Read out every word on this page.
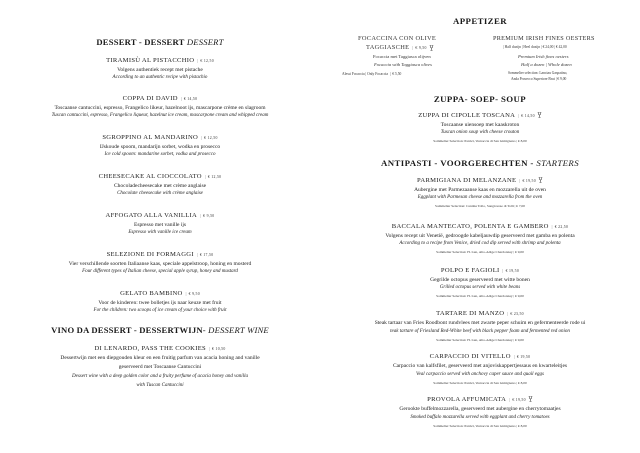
DESSERT - DESSERT DESSERT
TIRAMISÙ AL PISTACCHIO | € 12,50
Volgens authentiek recept met pistache
According to an authentic recipe with pistachio
COPPA DI DAVID | € 14,50
Toscaanse cantuccini, espresso, Frangelico likeur, hazelnoot ijs, mascarpone crème en slagroom
Tuscan cantuccini, espresso, Frangelico liqueur, hazelnut ice cream, mascarpone cream and whipped cream
SGROPPINO AL MANDARINO | € 12,50
IJskoude spoom, mandarijn sorbet, wodka en prosecco
Ice cold spoom: mandarine sorbet, vodka and prosecco
CHEESECAKE AL CIOCCOLATO | € 12,50
Chocoladecheesecake met crème anglaise
Chocolate cheesecake with crème anglaise
AFFOGATO ALLA VANILLIA | € 9,50
Espresso met vanille ijs
Espresso with vanille ice cream
SELEZIONE DI FORMAGGI | € 17,50
Vier verschillende soorten Italiaanse kaas, speciale appelstroop, honing en mosterd
Four different types of Italian cheese, special apple syrup, honey and mustard
GELATO BAMBINO | € 9,50
Voor de kinderen: twee bolletjes ijs naar keuze met fruit
For the children: two scoops of ice cream of your choice with fruit
VINO DA DESSERT - DESSERTWIJN- DESSERT WINE
DI LENARDO, PASS THE COOKIES | € 10,50
Dessertwijn met een diepgouden kleur en een fruitig parfum van acacia honing and vanille
geserveerd met Toscaanse Cantuccini
Dessert wine with a deep golden color and a fruity perfume of acacia honey and vanilla
with Tuscan Cantuccini
APPETIZER
FOCACCINA CON OLIVE
TAGGIASCHE | € 9,50
Focaccia met Taggiasca olijven
Focaccia with Taggiasca olives
Alessi Focaccia | Only Focaccia  |  € 5,50
PREMIUM IRISH FINES OESTERS
| Half dozijn | Heel dozijn | € 24,00 | € 42,00
Premium Irish fines oesters
Half a dozen | Whole dozen
Sommelier selection: Lanciau Gaspatino,
Anda Prosecco Superiore Brut | € 9,00
ZUPPA- SOEP- SOUP
ZUPPA DI CIPOLLE TOSCANA | € 14,50
Toscaanse uiensoep met kaaskroton
Tuscan onion soup with cheese crouton
Sommelier Selection: Parrizi, Vernaccia di San Gimignano | € 8,00
ANTIPASTI - VOORGERECHTEN - STARTERS
PARMIGIANA DI MELANZANE | € 19,50
Aubergine met Parmezaanse kaas en mozzarella uit de oven
Eggplant with Parmesan cheese and mozzarella from the oven
Sommelier Selection: Cantina Tollo, Sangiovese di Tolli | € 7,00
BACCALA MANTECATO, POLENTA E GAMBERO | € 22,50
Volgens recept uit Venetië, gedroogde kabeljauwdip geserveerd met gamba en polenta
According to a recipe from Venice, dried cod dip served with shrimp and polenta
Sommelier Selection: H. Lun, Alto-Adige Chardonnay | € 9,00
POLPO E FAGIOLI | € 19,50
Gegrilde octopus geserveerd met witte bonen
Grilled octopus served with white beans
Sommelier Selection: H. Lun, Alto-Adige Chardonnay | € 9,00
TARTARE DI MANZO | € 23,50
Steak tartaar van Fries Roodbont rundvlees met zwarte peper schuim en gefermenteerde rode ui
teak tartare of Friesland Red-White beef with black pepper foam and fermented red onion
Sommelier Selection: H. Lun, Alto-Adige Chardonnay | € 9,00
CARPACCIO DI VITELLO | € 19,50
Carpaccio van kalfsfilet, geserveerd met anjoviskappertjessaus en kwarteleitjes
Veal carpaccio served with anchovy caper sauce and quail eggs
Sommelier Selection: Parrizi, Vernaccia di San Gimignano | € 8,00
PROVOLA AFFUMICATA | € 19,50
Gerookte buffelmozzarella, geserveerd met aubergine en cherrytomaatjes
Smoked buffalo mozzarella served with eggplant and cherry tomatoes
Sommelier Selection: Parrizi, Vernaccia di San Gimignano | € 8,00
